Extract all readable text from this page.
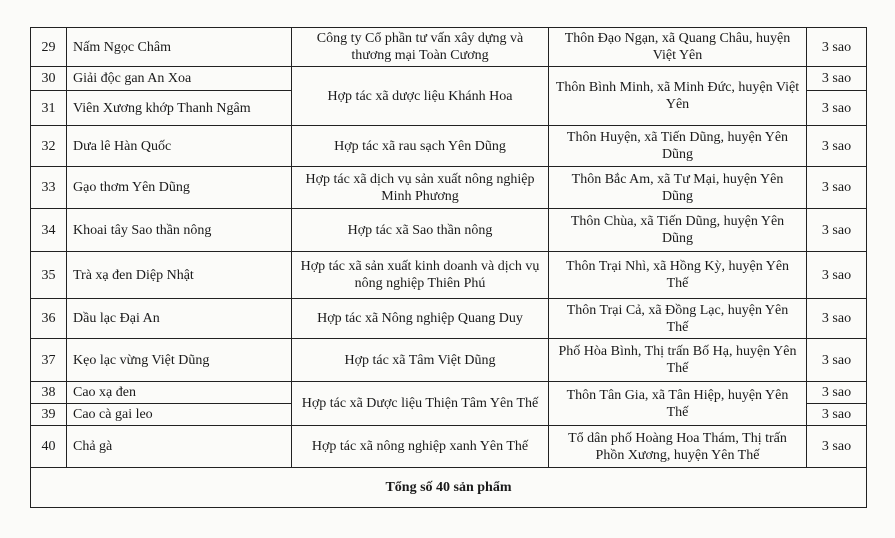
29	Nấm Ngọc Châm	Công ty Cổ phần tư vấn xây dựng và thương mại Toàn Cương	Thôn Đạo Ngạn, xã Quang Châu, huyện Việt Yên	3 sao
30	Giải độc gan An Xoa	Hợp tác xã dược liệu Khánh Hoa	Thôn Bình Minh, xã Minh Đức, huyện Việt Yên	3 sao
31	Viên Xương khớp Thanh Ngâm			3 sao
32	Dưa lê Hàn Quốc	Hợp tác xã rau sạch Yên Dũng	Thôn Huyện, xã Tiến Dũng, huyện Yên Dũng	3 sao
33	Gạo thơm Yên Dũng	Hợp tác xã dịch vụ sản xuất nông nghiệp Minh Phương	Thôn Bắc Am, xã Tư Mại, huyện Yên Dũng	3 sao
34	Khoai tây Sao thần nông	Hợp tác xã Sao thần nông	Thôn Chùa, xã Tiến Dũng, huyện Yên Dũng	3 sao
35	Trà xạ đen Diệp Nhật	Hợp tác xã sản xuất kinh doanh và dịch vụ nông nghiệp Thiên Phú	Thôn Trại Nhì, xã Hồng Kỳ, huyện Yên Thế	3 sao
36	Dầu lạc Đại An	Hợp tác xã Nông nghiệp Quang Duy	Thôn Trại Cả, xã Đồng Lạc, huyện Yên Thế	3 sao
37	Kẹo lạc vừng Việt Dũng	Hợp tác xã Tâm Việt Dũng	Phố Hòa Bình, Thị trấn Bố Hạ, huyện Yên Thế	3 sao
38	Cao xạ đen	Hợp tác xã Dược liệu Thiện Tâm Yên Thế	Thôn Tân Gia, xã Tân Hiệp, huyện Yên Thế	3 sao
39	Cao cà gai leo			3 sao
40	Chả gà	Hợp tác xã nông nghiệp xanh Yên Thế	Tổ dân phố Hoàng Hoa Thám, Thị trấn Phồn Xương, huyện Yên Thế	3 sao
Tổng số 40 sản phẩm				
